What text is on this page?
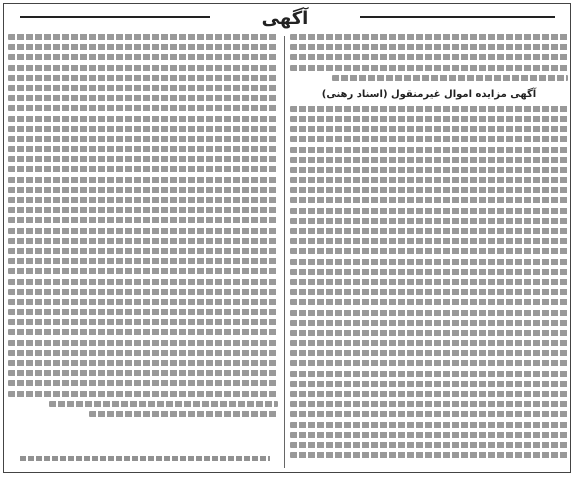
آگهی
آگهی مزایده اموال غیرمنقول (اسناد رهنی)
